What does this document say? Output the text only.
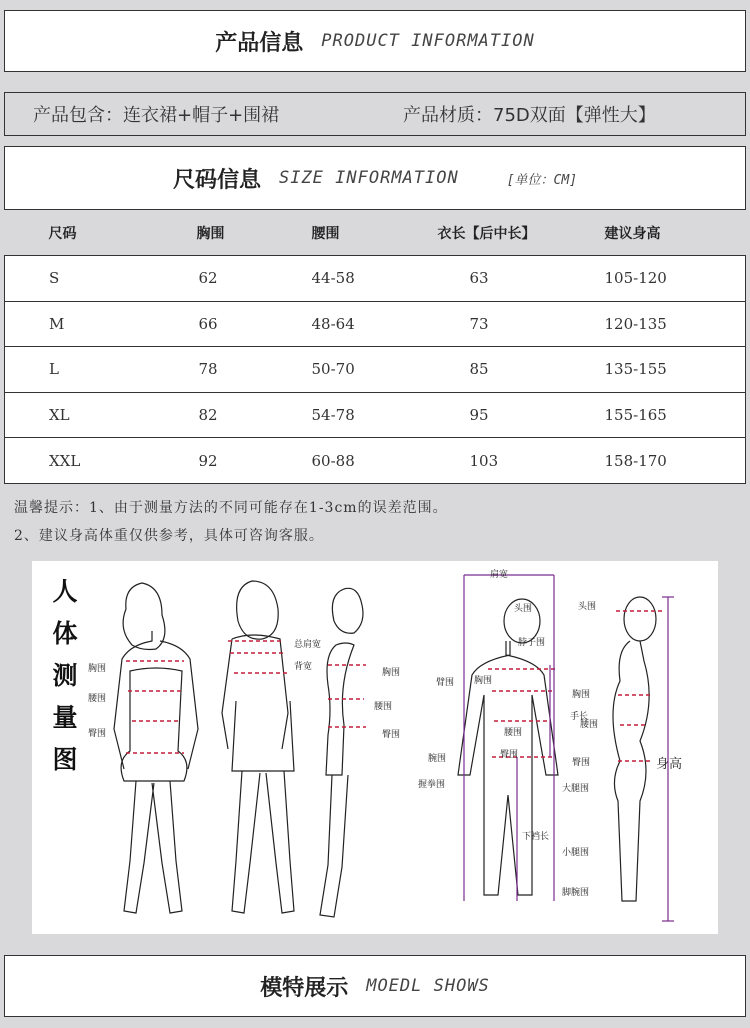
产品信息 PRODUCT INFORMATION
产品包含：连衣裙+帽子+围裙	产品材质：75D双面【弹性大】
尺码信息 SIZE INFORMATION	[单位：CM]
尺码	胸围	腰围	衣长【后中长】	建议身高
S	62	44-58	63	105-120
M	66	48-64	73	120-135
L	78	50-70	85	135-155
XL	82	54-78	95	155-165
XXL	92	60-88	103	158-170
温馨提示：1、由于测量方法的不同可能存在1-3cm的误差范围。
2、建议身高体重仅供参考，具体可咨询客服。
人
体
测
量
图
胸围
腰围
臀围
总肩宽
背宽
胸围
腰围
臀围
肩宽
头围
脖子围
臂围 胸围
手长
腰围
腕围	臀围
握拳围
下裆长
头围
胸围
腰围
臀围
大腿围
小腿围
脚腕围
身高
模特展示 MOEDL SHOWS
